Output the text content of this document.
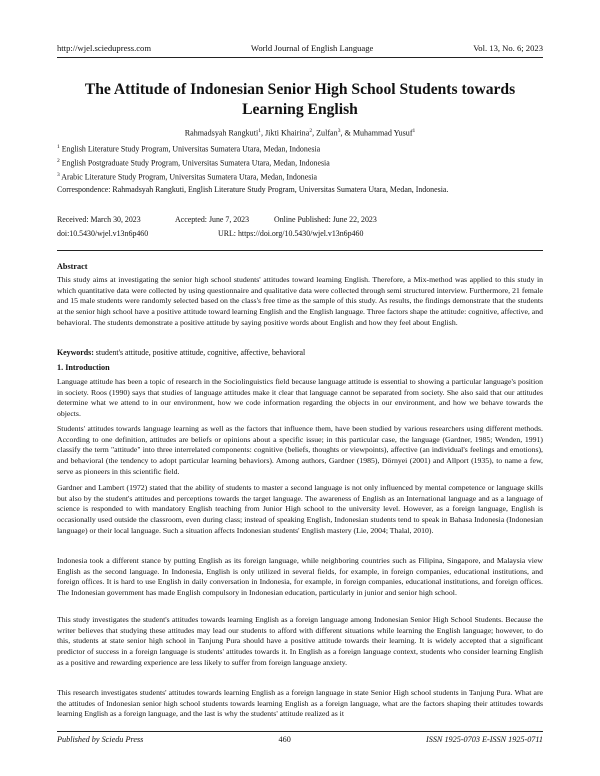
http://wjel.sciedupress.com	World Journal of English Language	Vol. 13, No. 6; 2023
The Attitude of Indonesian Senior High School Students towards Learning English
Rahmadsyah Rangkuti$^1$, Jikti Khairina$^2$, Zulfan$^3$, & Muhammad Yusuf$^1$
$^1$ English Literature Study Program, Universitas Sumatera Utara, Medan, Indonesia
$^2$ English Postgraduate Study Program, Universitas Sumatera Utara, Medan, Indonesia
$^3$ Arabic Literature Study Program, Universitas Sumatera Utara, Medan, Indonesia
Correspondence: Rahmadsyah Rangkuti, English Literature Study Program, Universitas Sumatera Utara, Medan, Indonesia.
Received: March 30, 2023	Accepted: June 7, 2023	Online Published: June 22, 2023
doi:10.5430/wjel.v13n6p460	URL: https://doi.org/10.5430/wjel.v13n6p460
Abstract
This study aims at investigating the senior high school students' attitudes toward learning English. Therefore, a Mix-method was applied to this study in which quantitative data were collected by using questionnaire and qualitative data were collected through semi structured interview. Furthermore, 21 female and 15 male students were randomly selected based on the class's free time as the sample of this study. As results, the findings demonstrate that the students at the senior high school have a positive attitude toward learning English and the English language. Three factors shape the attitude: cognitive, affective, and behavioral. The students demonstrate a positive attitude by saying positive words about English and how they feel about English.
Keywords: student's attitude, positive attitude, cognitive, affective, behavioral
1. Introduction
Language attitude has been a topic of research in the Sociolinguistics field because language attitude is essential to showing a particular language's position in society. Roos (1990) says that studies of language attitudes make it clear that language cannot be separated from society. She also said that our attitudes determine what we attend to in our environment, how we code information regarding the objects in our environment, and how we behave towards the objects.
Students' attitudes towards language learning as well as the factors that influence them, have been studied by various researchers using different methods. According to one definition, attitudes are beliefs or opinions about a specific issue; in this particular case, the language (Gardner, 1985; Wenden, 1991) classify the term "attitude" into three interrelated components: cognitive (beliefs, thoughts or viewpoints), affective (an individual's feelings and emotions), and behavioral (the tendency to adopt particular learning behaviors). Among authors, Gardner (1985), Dörnyei (2001) and Allport (1935), to name a few, serve as pioneers in this scientific field.
Gardner and Lambert (1972) stated that the ability of students to master a second language is not only influenced by mental competence or language skills but also by the student's attitudes and perceptions towards the target language. The awareness of English as an International language and as a language of science is responded to with mandatory English teaching from Junior High school to the university level. However, as a foreign language, English is occasionally used outside the classroom, even during class; instead of speaking English, Indonesian students tend to speak in Bahasa Indonesia (Indonesian language) or their local language. Such a situation affects Indonesian students' English mastery (Lie, 2004; Thalal, 2010).
Indonesia took a different stance by putting English as its foreign language, while neighboring countries such as Filipina, Singapore, and Malaysia view English as the second language. In Indonesia, English is only utilized in several fields, for example, in foreign companies, educational institutions, and foreign offices. It is hard to use English in daily conversation in Indonesia, for example, in foreign companies, educational institutions, and foreign offices. The Indonesian government has made English compulsory in Indonesian education, particularly in junior and senior high school.
This study investigates the student's attitudes towards learning English as a foreign language among Indonesian Senior High School Students. Because the writer believes that studying these attitudes may lead our students to afford with different situations while learning the English language; however, to do this, students at state senior high school in Tanjung Pura should have a positive attitude towards their learning. It is widely accepted that a significant predictor of success in a foreign language is students' attitudes towards it. In English as a foreign language context, students who consider learning English as a positive and rewarding experience are less likely to suffer from foreign language anxiety.
This research investigates students' attitudes towards learning English as a foreign language in state Senior High school students in Tanjung Pura. What are the attitudes of Indonesian senior high school students towards learning English as a foreign language, what are the factors shaping their attitudes towards learning English as a foreign language, and the last is why the students' attitude realized as it
Published by Sciedu Press	460	ISSN 1925-0703 E-ISSN 1925-0711
